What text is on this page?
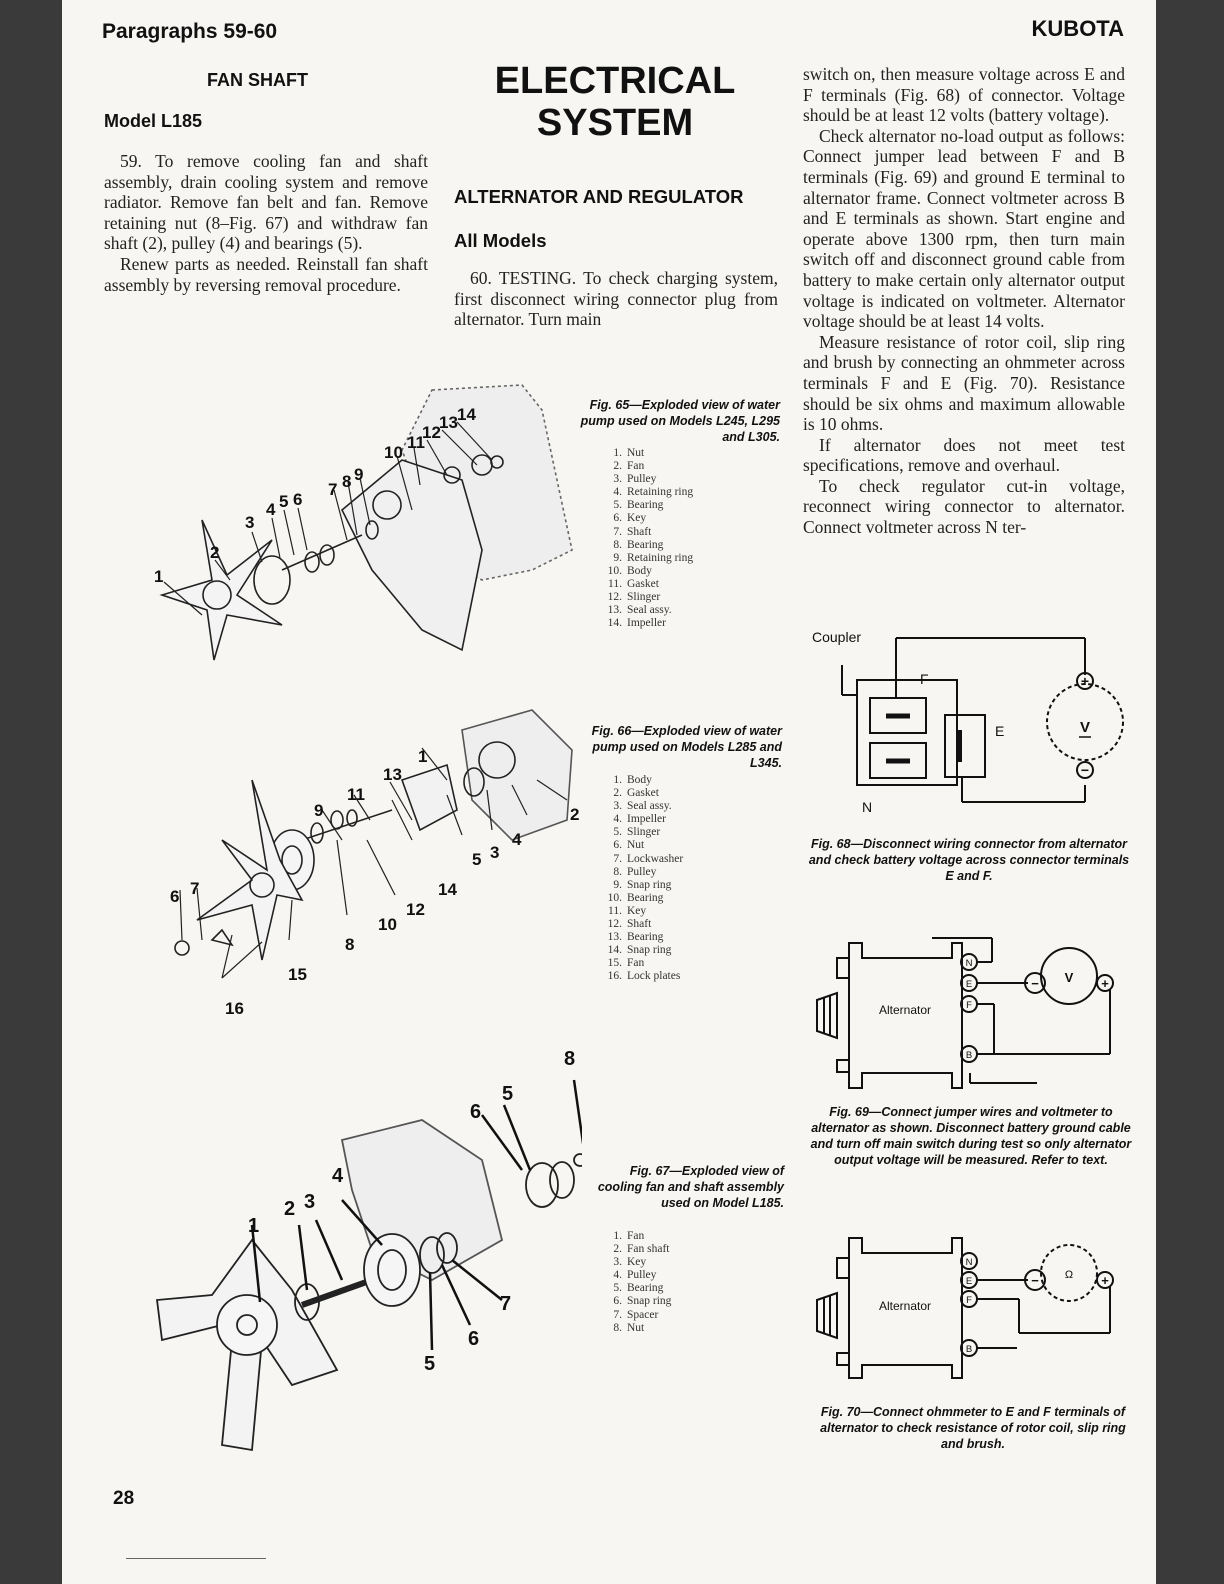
Paragraphs 59-60	KUBOTA
FAN SHAFT
Model L185

59. To remove cooling fan and shaft assembly, drain cooling system and remove radiator. Remove fan belt and fan. Remove retaining nut (8–Fig. 67) and withdraw fan shaft (2), pulley (4) and bearings (5).

Renew parts as needed. Reinstall fan shaft assembly by reversing removal procedure.

ELECTRICAL
SYSTEM
ALTERNATOR AND REGULATOR
All Models

60. TESTING. To check charging system, first disconnect wiring connector plug from alternator. Turn main

switch on, then measure voltage across E and F terminals (Fig. 68) of connector. Voltage should be at least 12 volts (battery voltage).

Check alternator no-load output as follows: Connect jumper lead between F and B terminals (Fig. 69) and ground E terminal to alternator frame. Connect voltmeter across B and E terminals as shown. Start engine and operate above 1300 rpm, then turn main switch off and disconnect ground cable from battery to make certain only alternator output voltage is indicated on voltmeter. Alternator voltage should be at least 14 volts.

Measure resistance of rotor coil, slip ring and brush by connecting an ohmmeter across terminals F and E (Fig. 70). Resistance should be six ohms and maximum allowable is 10 ohms.

If alternator does not meet test specifications, remove and overhaul.

To check regulator cut-in voltage, reconnect wiring connector to alternator. Connect voltmeter across N ter-

1
2
3
4 5 6
7 8 9
10
11
12
13 14	Fig. 65—Exploded view of water pump used on Models L245, L295 and L305.
1. Nut
2. Fan
3. Pulley
4. Retaining ring
5. Bearing
6. Key
7. Shaft
8. Bearing
9. Retaining ring
10. Body
11. Gasket
12. Slinger
13. Seal assy.
14. Impeller
1
2
3
4
5
6 7
8
9
10
11
12
13
14
15
16
Fig. 66—Exploded view of water pump used on Models L285 and L345.
1. Body
2. Gasket
3. Seal assy.
4. Impeller
5. Slinger
6. Nut
7. Lockwasher
8. Pulley
9. Snap ring
10. Bearing
11. Key
12. Shaft
13. Bearing
14. Snap ring
15. Fan
16. Lock plates
1
2 3
4
5
6
7
5
6
8
Fig. 67—Exploded view of cooling fan and shaft assembly used on Model L185.
1. Fan
2. Fan shaft
3. Key
4. Pulley
5. Bearing
6. Snap ring
7. Spacer
8. Nut
Coupler
F
E
N
V
+
−
Fig. 68—Disconnect wiring connector from alternator and check battery voltage across connector terminals E and F.
Alternator
N
E
F
B
V +
−
Fig. 69—Connect jumper wires and voltmeter to alternator as shown. Disconnect battery ground cable and turn off main switch during test so only alternator output voltage will be measured. Refer to text.
Alternator
N
E
F
B
Ω +
−
Fig. 70—Connect ohmmeter to E and F terminals of alternator to check resistance of rotor coil, slip ring and brush.
28
